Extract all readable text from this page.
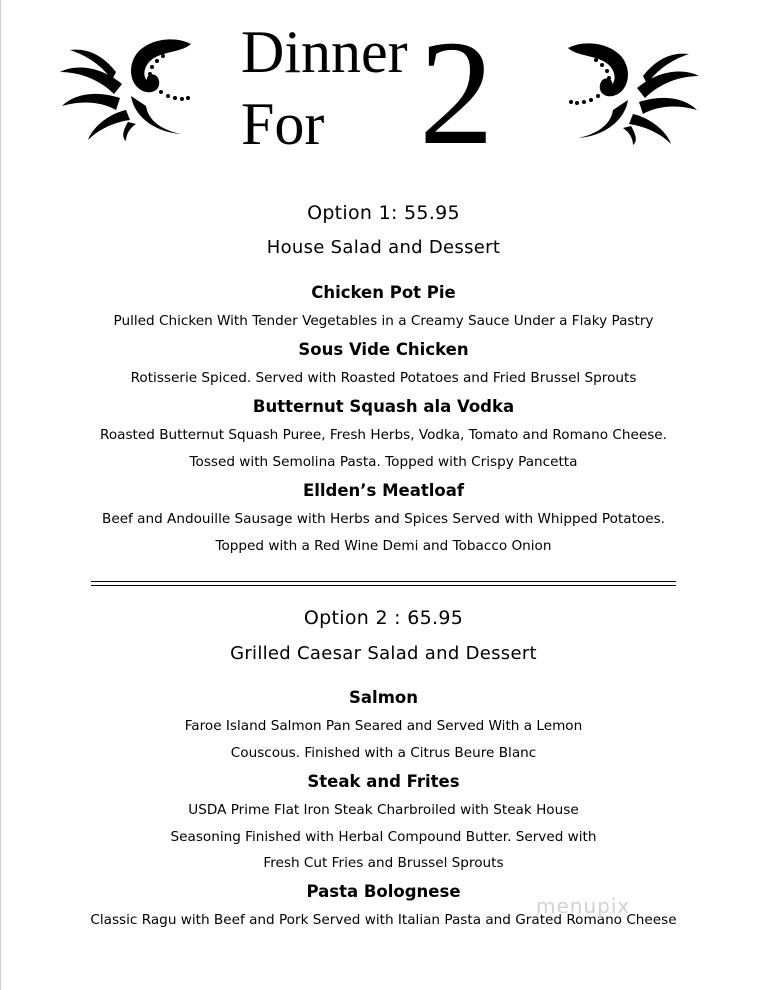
Dinner
For 2
Option 1: 55.95
House Salad and Dessert
Chicken Pot Pie
Pulled Chicken With Tender Vegetables in a Creamy Sauce Under a Flaky Pastry
Sous Vide Chicken
Rotisserie Spiced. Served with Roasted Potatoes and Fried Brussel Sprouts
Butternut Squash ala Vodka
Roasted Butternut Squash Puree, Fresh Herbs, Vodka, Tomato and Romano Cheese.
Tossed with Semolina Pasta. Topped with Crispy Pancetta
Ellden’s Meatloaf
Beef and Andouille Sausage with Herbs and Spices Served with Whipped Potatoes.
Topped with a Red Wine Demi and Tobacco Onion
Option 2 : 65.95
Grilled Caesar Salad and Dessert
Salmon
Faroe Island Salmon Pan Seared and Served With a Lemon
Couscous. Finished with a Citrus Beure Blanc
Steak and Frites
USDA Prime Flat Iron Steak Charbroiled with Steak House
Seasoning Finished with Herbal Compound Butter. Served with
Fresh Cut Fries and Brussel Sprouts
Pasta Bolognese
Classic Ragu with Beef and Pork Served with Italian Pasta and Grated Romano Cheese
menupix
